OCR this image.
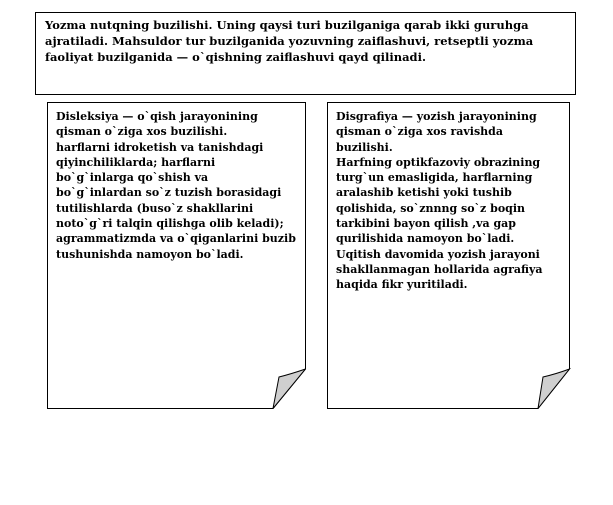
Yozma nutqning buzilishi. Uning qaysi turi buzilganiga qarab ikki guruhga ajratiladi. Mahsuldor tur buzilganida yozuvning zaiflashuvi, retseptli yozma faoliyat buzilganida — o`qishning zaiflashuvi qayd qilinadi.

Disleksiya — o`qish jarayonining qisman o`ziga xos buzilishi.

harflarni idroketish va tanishdagi qiyinchiliklarda; harflarni bo`g`inlarga qo`shish va bo`g`inlardan so`z tuzish borasidagi tutilishlarda (buso`z shakllarini noto`g`ri talqin qilishga olib keladi); agrammatizmda va o`qiganlarini buzib tushunishda namoyon bo`ladi.

Disgrafiya — yozish jarayonining qisman o`ziga xos ravishda buzilishi.

Harfning optikfazoviy obrazining turg`un emasligida, harflarning aralashib ketishi yoki tushib qolishida, so`znnng so`z boqin tarkibini bayon qilish ,va gap qurilishida namoyon bo`ladi. Uqitish davomida yozish jarayoni shakllanmagan hollarida agrafiya haqida fikr yuritiladi.
